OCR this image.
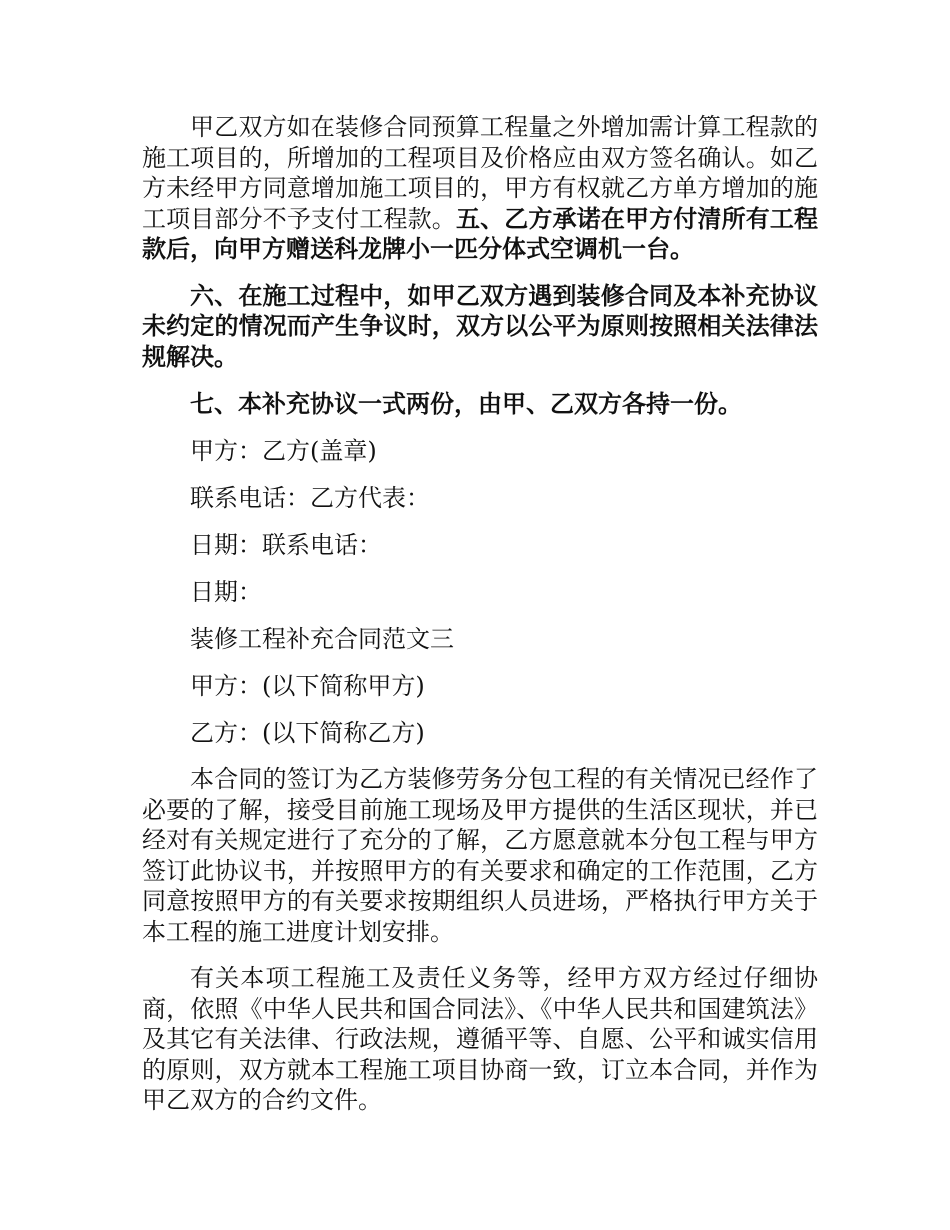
甲乙双方如在装修合同预算工程量之外增加需计算工程款的施工项目的，所增加的工程项目及价格应由双方签名确认。如乙方未经甲方同意增加施工项目的，甲方有权就乙方单方增加的施工项目部分不予支付工程款。五、乙方承诺在甲方付清所有工程款后，向甲方赠送科龙牌小一匹分体式空调机一台。

六、在施工过程中，如甲乙双方遇到装修合同及本补充协议未约定的情况而产生争议时，双方以公平为原则按照相关法律法规解决。

七、本补充协议一式两份，由甲、乙双方各持一份。

甲方：乙方(盖章)

联系电话：乙方代表：

日期：联系电话：

日期：

装修工程补充合同范文三

甲方：(以下简称甲方)

乙方：(以下简称乙方)

本合同的签订为乙方装修劳务分包工程的有关情况已经作了必要的了解，接受目前施工现场及甲方提供的生活区现状，并已经对有关规定进行了充分的了解，乙方愿意就本分包工程与甲方签订此协议书，并按照甲方的有关要求和确定的工作范围，乙方同意按照甲方的有关要求按期组织人员进场，严格执行甲方关于本工程的施工进度计划安排。

有关本项工程施工及责任义务等，经甲方双方经过仔细协商，依照《中华人民共和国合同法》、《中华人民共和国建筑法》及其它有关法律、行政法规，遵循平等、自愿、公平和诚实信用的原则，双方就本工程施工项目协商一致，订立本合同，并作为甲乙双方的合约文件。
